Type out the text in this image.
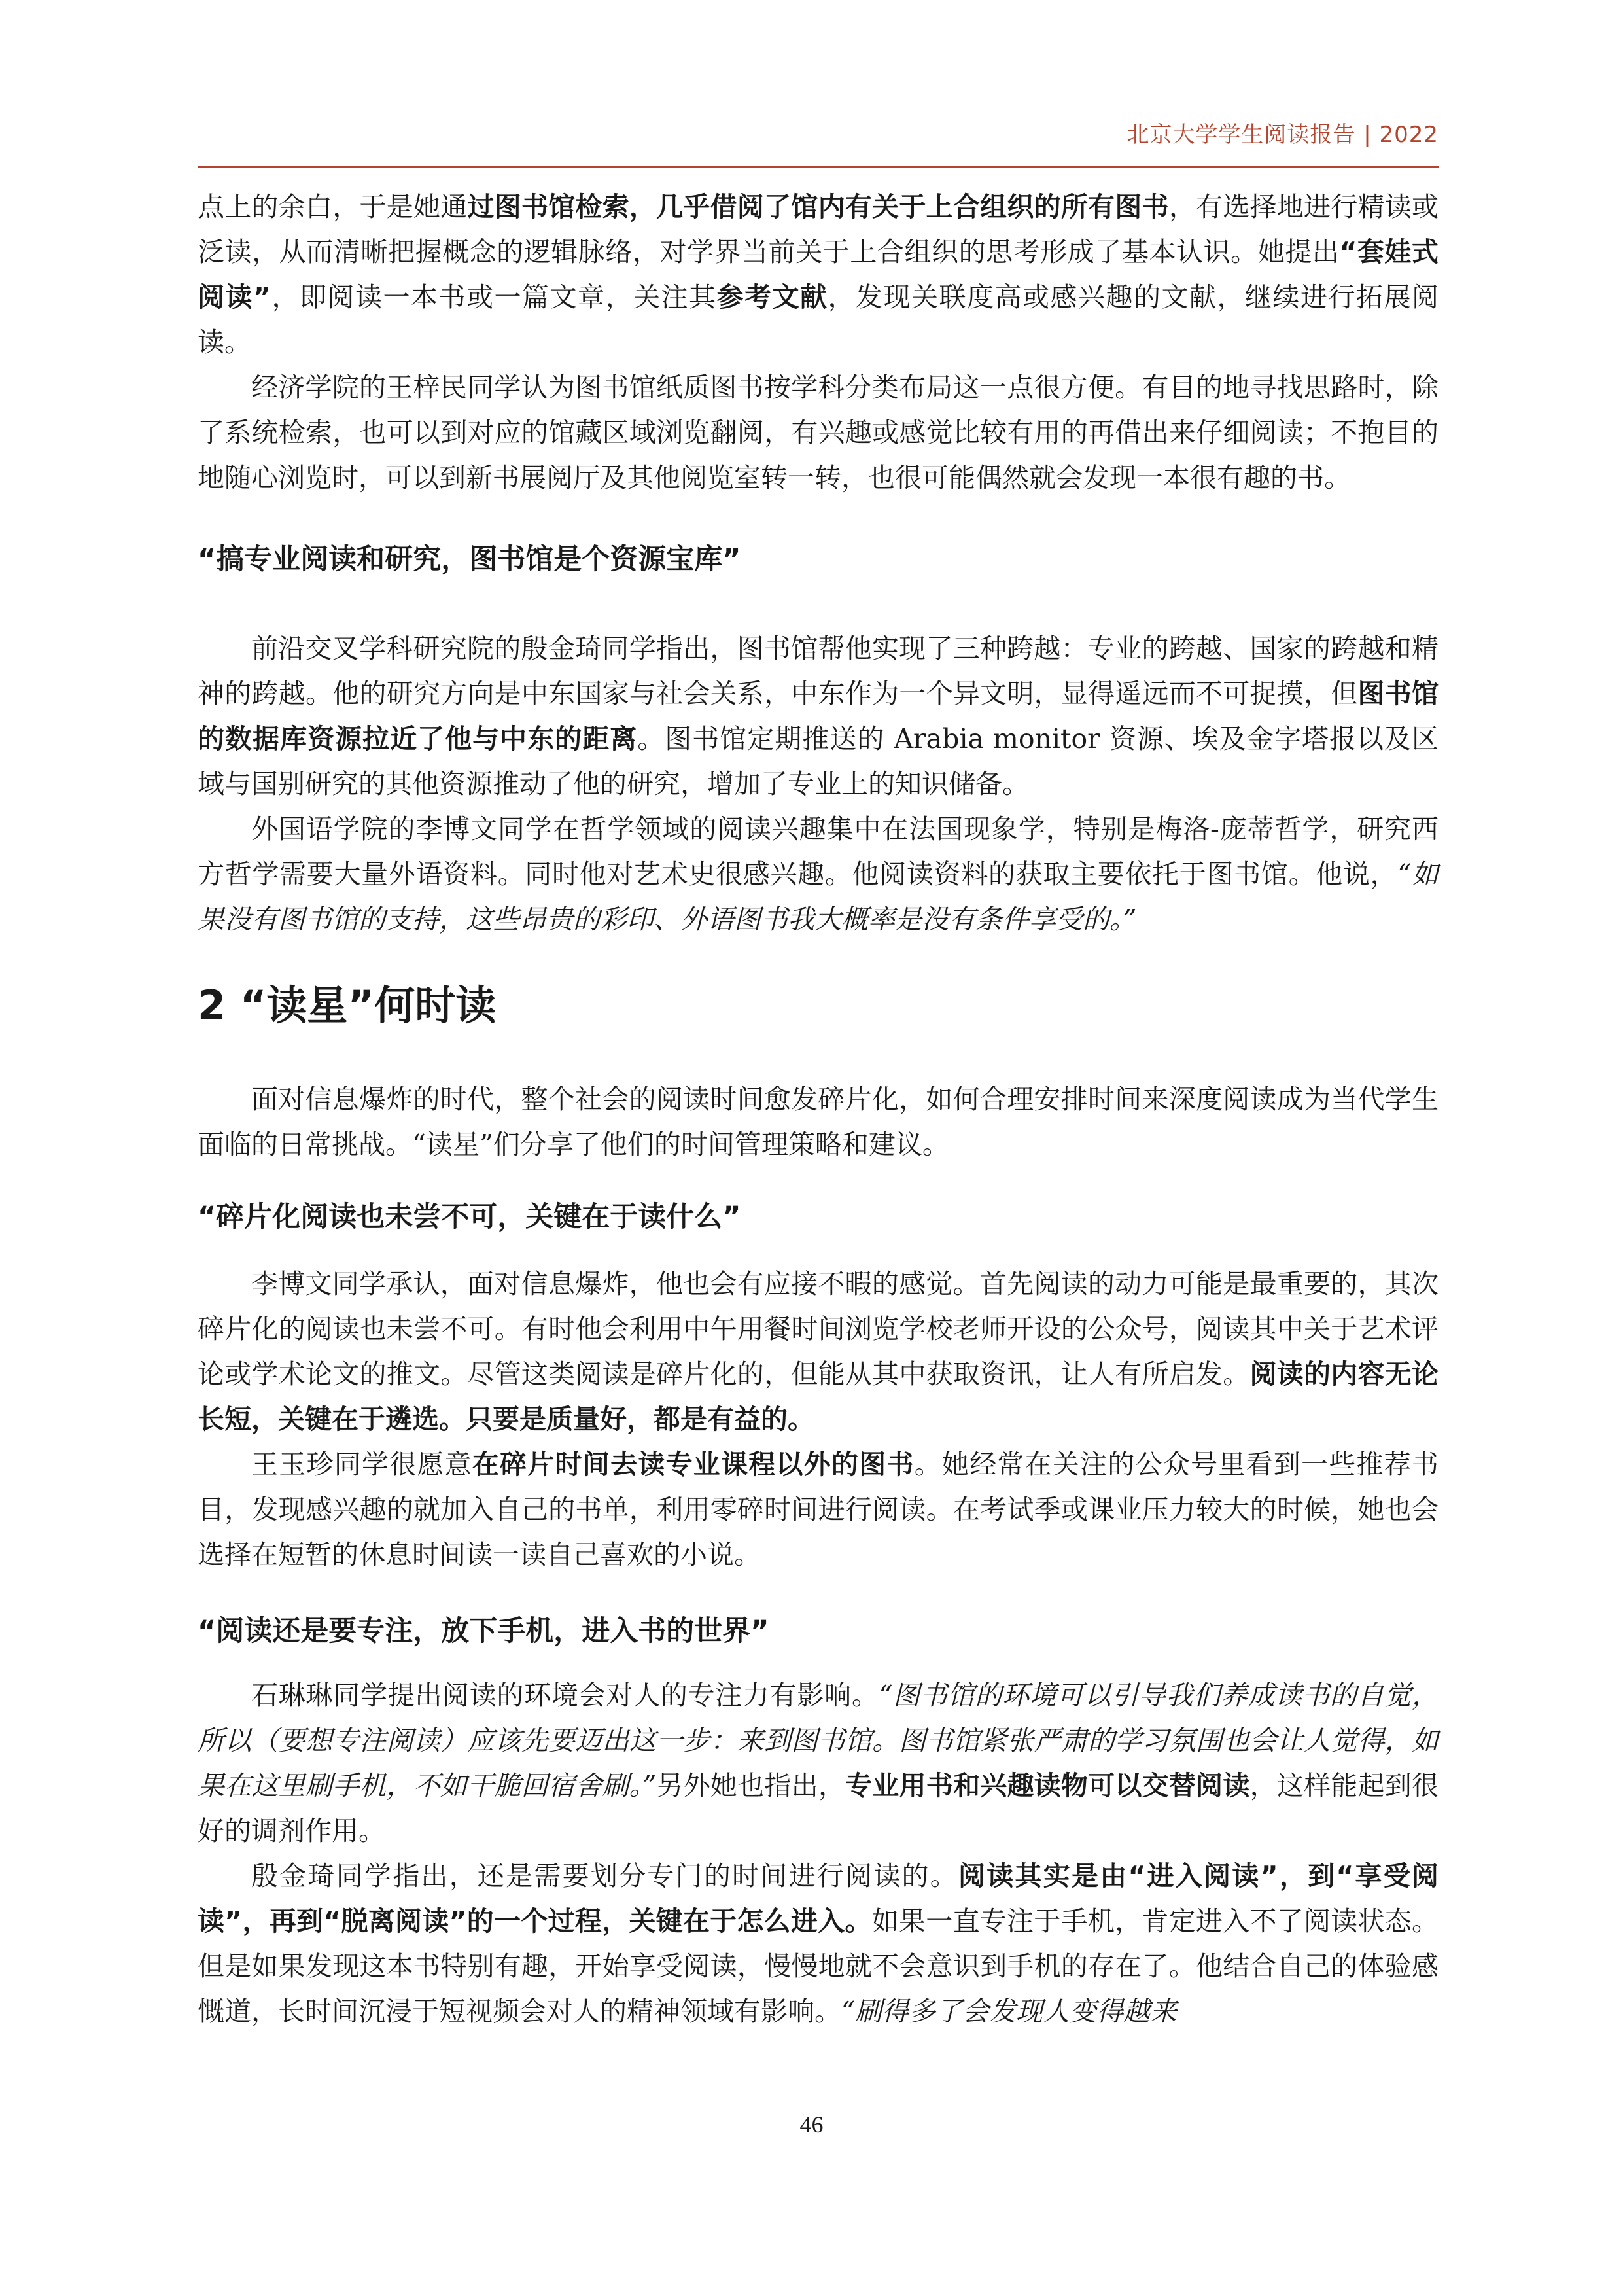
北京大学学生阅读报告 | 2022

点上的余白，于是她通过图书馆检索，几乎借阅了馆内有关于上合组织的所有图书，有选择地进行精读或泛读，从而清晰把握概念的逻辑脉络，对学界当前关于上合组织的思考形成了基本认识。她提出“套娃式阅读”，即阅读一本书或一篇文章，关注其参考文献，发现关联度高或感兴趣的文献，继续进行拓展阅读。

经济学院的王梓民同学认为图书馆纸质图书按学科分类布局这一点很方便。有目的地寻找思路时，除了系统检索，也可以到对应的馆藏区域浏览翻阅，有兴趣或感觉比较有用的再借出来仔细阅读；不抱目的地随心浏览时，可以到新书展阅厅及其他阅览室转一转，也很可能偶然就会发现一本很有趣的书。

“搞专业阅读和研究，图书馆是个资源宝库”

前沿交叉学科研究院的殷金琦同学指出，图书馆帮他实现了三种跨越：专业的跨越、国家的跨越和精神的跨越。他的研究方向是中东国家与社会关系，中东作为一个异文明，显得遥远而不可捉摸，但图书馆的数据库资源拉近了他与中东的距离。图书馆定期推送的 Arabia monitor 资源、埃及金字塔报以及区域与国别研究的其他资源推动了他的研究，增加了专业上的知识储备。

外国语学院的李博文同学在哲学领域的阅读兴趣集中在法国现象学，特别是梅洛-庞蒂哲学，研究西方哲学需要大量外语资料。同时他对艺术史很感兴趣。他阅读资料的获取主要依托于图书馆。他说，“如果没有图书馆的支持，这些昂贵的彩印、外语图书我大概率是没有条件享受的。”

2 “读星”何时读

面对信息爆炸的时代，整个社会的阅读时间愈发碎片化，如何合理安排时间来深度阅读成为当代学生面临的日常挑战。“读星”们分享了他们的时间管理策略和建议。

“碎片化阅读也未尝不可，关键在于读什么”

李博文同学承认，面对信息爆炸，他也会有应接不暇的感觉。首先阅读的动力可能是最重要的，其次碎片化的阅读也未尝不可。有时他会利用中午用餐时间浏览学校老师开设的公众号，阅读其中关于艺术评论或学术论文的推文。尽管这类阅读是碎片化的，但能从其中获取资讯，让人有所启发。阅读的内容无论长短，关键在于遴选。只要是质量好，都是有益的。

王玉珍同学很愿意在碎片时间去读专业课程以外的图书。她经常在关注的公众号里看到一些推荐书目，发现感兴趣的就加入自己的书单，利用零碎时间进行阅读。在考试季或课业压力较大的时候，她也会选择在短暂的休息时间读一读自己喜欢的小说。

“阅读还是要专注，放下手机，进入书的世界”

石琳琳同学提出阅读的环境会对人的专注力有影响。“图书馆的环境可以引导我们养成读书的自觉，所以（要想专注阅读）应该先要迈出这一步：来到图书馆。图书馆紧张严肃的学习氛围也会让人觉得，如果在这里刷手机，不如干脆回宿舍刷。”另外她也指出，专业用书和兴趣读物可以交替阅读，这样能起到很好的调剂作用。

殷金琦同学指出，还是需要划分专门的时间进行阅读的。阅读其实是由“进入阅读”，到“享受阅读”，再到“脱离阅读”的一个过程，关键在于怎么进入。如果一直专注于手机，肯定进入不了阅读状态。但是如果发现这本书特别有趣，开始享受阅读，慢慢地就不会意识到手机的存在了。他结合自己的体验感慨道，长时间沉浸于短视频会对人的精神领域有影响。“刷得多了会发现人变得越来

46
